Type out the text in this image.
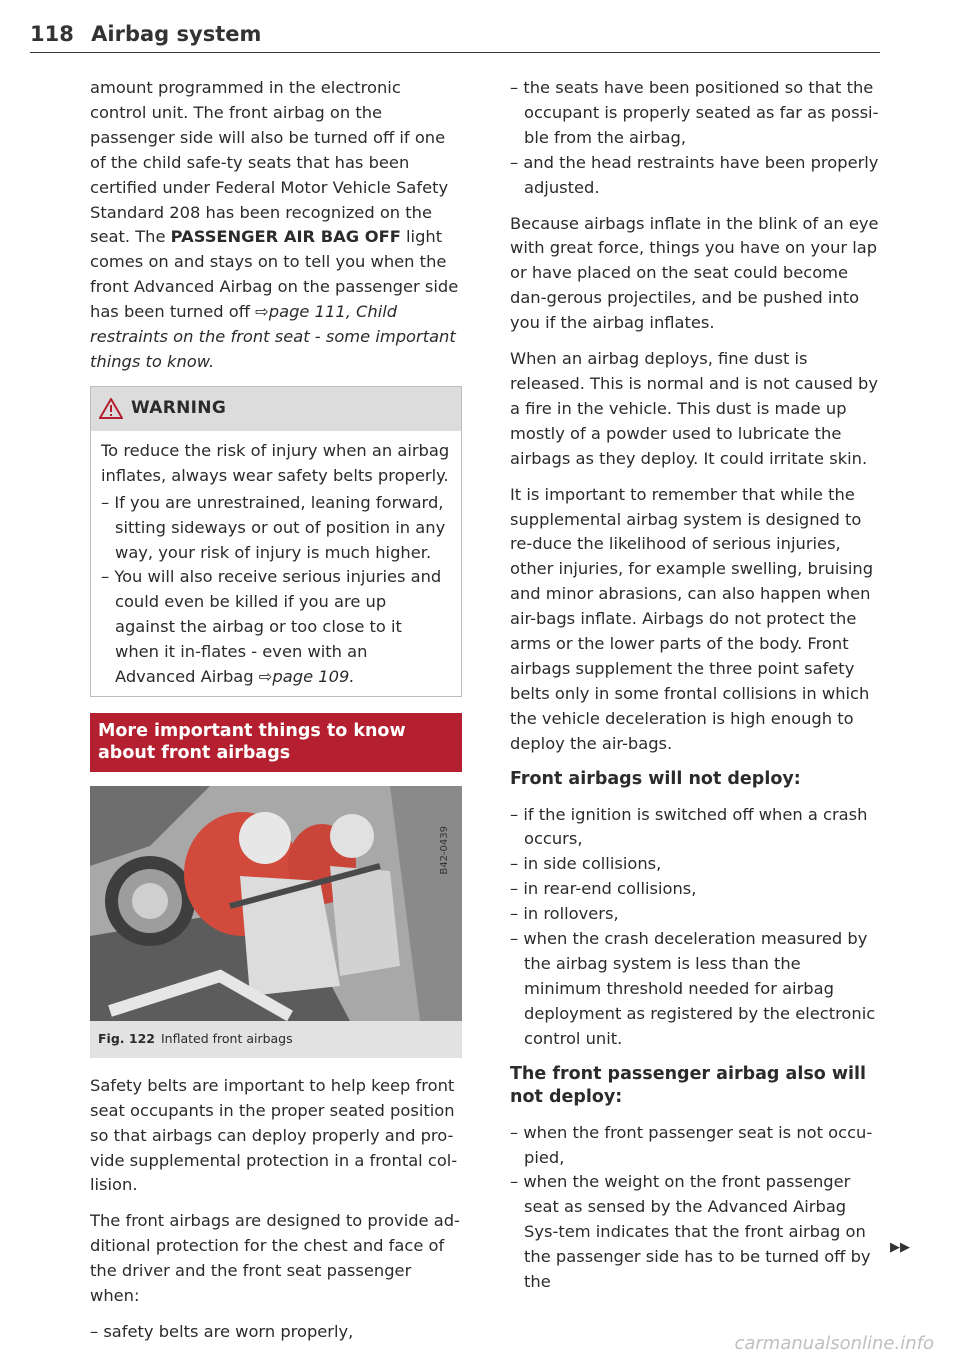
118 Airbag system

amount programmed in the electronic control unit. The front airbag on the passenger side will also be turned off if one of the child safe-ty seats that has been certified under Federal Motor Vehicle Safety Standard 208 has been recognized on the seat. The PASSENGER AIR BAG OFF light comes on and stays on to tell you when the front Advanced Airbag on the passenger side has been turned off ⇨page 111, Child restraints on the front seat - some important things to know.

WARNING

To reduce the risk of injury when an airbag inflates, always wear safety belts properly.

– If you are unrestrained, leaning forward, sitting sideways or out of position in any way, your risk of injury is much higher.

– You will also receive serious injuries and could even be killed if you are up against the airbag or too close to it when it in-flates - even with an Advanced Airbag ⇨page 109.

More important things to know about front airbags
B42-0439
Fig. 122 Inflated front airbags

Safety belts are important to help keep front seat occupants in the proper seated position so that airbags can deploy properly and pro-vide supplemental protection in a frontal col-lision.

The front airbags are designed to provide ad-ditional protection for the chest and face of the driver and the front seat passenger when:

– safety belts are worn properly,

– the seats have been positioned so that the occupant is properly seated as far as possi-ble from the airbag,

– and the head restraints have been properly adjusted.

Because airbags inflate in the blink of an eye with great force, things you have on your lap or have placed on the seat could become dan-gerous projectiles, and be pushed into you if the airbag inflates.

When an airbag deploys, fine dust is released. This is normal and is not caused by a fire in the vehicle. This dust is made up mostly of a powder used to lubricate the airbags as they deploy. It could irritate skin.

It is important to remember that while the supplemental airbag system is designed to re-duce the likelihood of serious injuries, other injuries, for example swelling, bruising and minor abrasions, can also happen when air-bags inflate. Airbags do not protect the arms or the lower parts of the body. Front airbags supplement the three point safety belts only in some frontal collisions in which the vehicle deceleration is high enough to deploy the air-bags.

Front airbags will not deploy:

– if the ignition is switched off when a crash occurs,

– in side collisions,

– in rear-end collisions,

– in rollovers,

– when the crash deceleration measured by the airbag system is less than the minimum threshold needed for airbag deployment as registered by the electronic control unit.

The front passenger airbag also will not deploy:

– when the front passenger seat is not occu-pied,

– when the weight on the front passenger seat as sensed by the Advanced Airbag Sys-tem indicates that the front airbag on the passenger side has to be turned off by the

▶▶
carmanualsonline.info
